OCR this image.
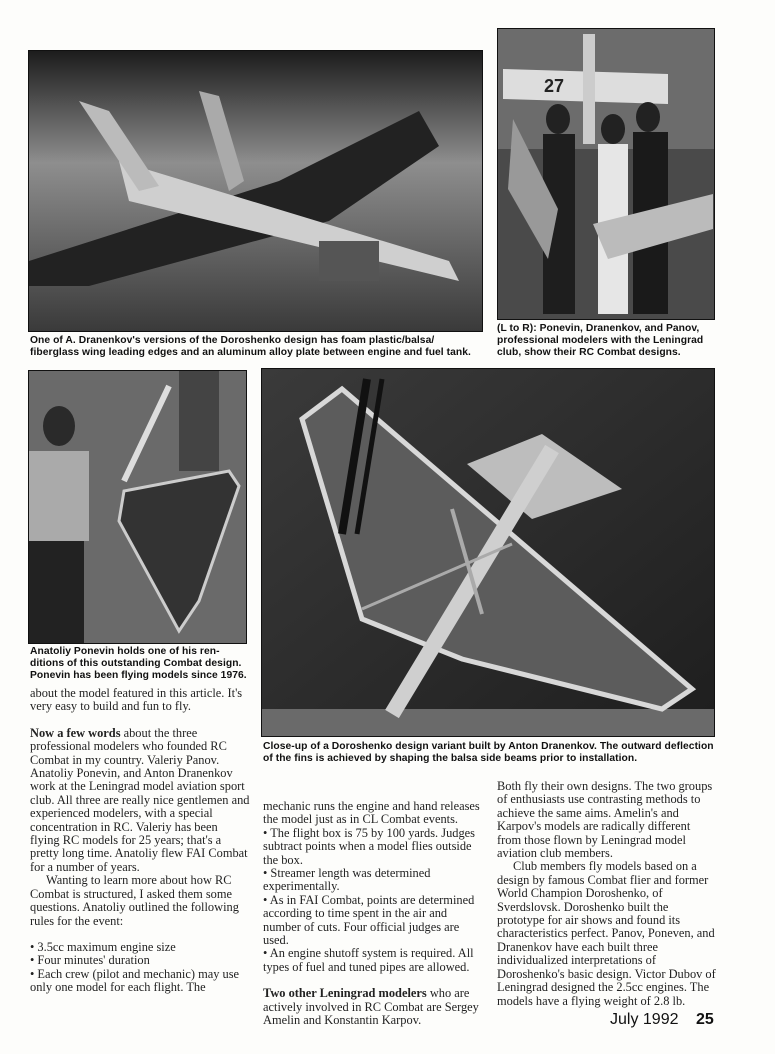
One of A. Dranenkov's versions of the Doroshenko design has foam plastic/balsa/ fiberglass wing leading edges and an aluminum alloy plate between engine and fuel tank.
27
(L to R): Ponevin, Dranenkov, and Panov, professional modelers with the Leningrad club, show their RC Combat designs.
Anatoliy Ponevin holds one of his ren-ditions of this outstanding Combat design. Ponevin has been flying models since 1976.
Close-up of a Doroshenko design variant built by Anton Dranenkov. The outward deflection of the fins is achieved by shaping the balsa side beams prior to installation.

about the model featured in this article. It's very easy to build and fun to fly.

Now a few words about the three professional modelers who founded RC Combat in my country. Valeriy Panov. Anatoliy Ponevin, and Anton Dranenkov work at the Leningrad model aviation sport club. All three are really nice gentlemen and experienced modelers, with a special concentration in RC. Valeriy has been flying RC models for 25 years; that's a pretty long time. Anatoliy flew FAI Combat for a number of years.

Wanting to learn more about how RC Combat is structured, I asked them some questions. Anatoliy outlined the following rules for the event:

• 3.5cc maximum engine size

• Four minutes' duration

• Each crew (pilot and mechanic) may use only one model for each flight. The

mechanic runs the engine and hand releases the model just as in CL Combat events.

• The flight box is 75 by 100 yards. Judges subtract points when a model flies outside the box.

• Streamer length was determined experimentally.

• As in FAI Combat, points are determined according to time spent in the air and number of cuts. Four official judges are used.

• An engine shutoff system is required. All types of fuel and tuned pipes are allowed.

Two other Leningrad modelers who are actively involved in RC Combat are Sergey Amelin and Konstantin Karpov.

Both fly their own designs. The two groups of enthusiasts use contrasting methods to achieve the same aims. Amelin's and Karpov's models are radically different from those flown by Leningrad model aviation club members.

Club members fly models based on a design by famous Combat flier and former World Champion Doroshenko, of Sverdslovsk. Doroshenko built the prototype for air shows and found its characteristics perfect. Panov, Poneven, and Dranenkov have each built three individualized interpretations of Doroshenko's basic design. Victor Dubov of Leningrad designed the 2.5cc engines. The models have a flying weight of 2.8 lb.

July 1992 25
